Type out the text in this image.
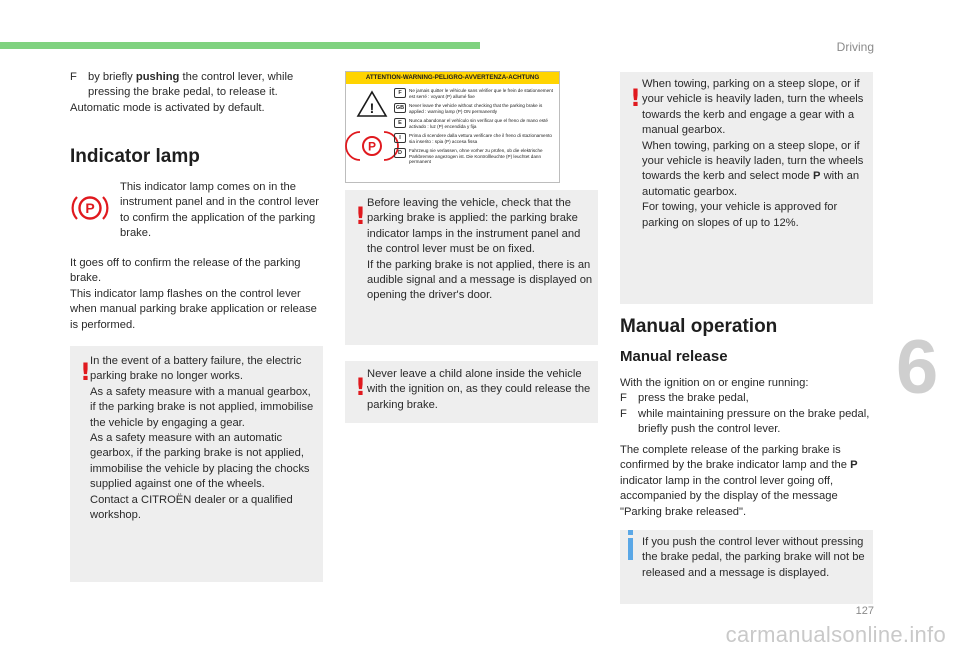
Driving
6
127
carmanualsonline.info
F by briefly pushing the control lever, while pressing the brake pedal, to release it.
Automatic mode is activated by default.
Indicator lamp
P
This indicator lamp comes on in the instrument panel and in the control lever to confirm the application of the parking brake.
It goes off to confirm the release of the parking brake.
This indicator lamp flashes on the control lever when manual parking brake application or release is performed.
! In the event of a battery failure, the electric parking brake no longer works.
As a safety measure with a manual gearbox, if the parking brake is not applied, immobilise the vehicle by engaging a gear.
As a safety measure with an automatic gearbox, if the parking brake is not applied, immobilise the vehicle by placing the chocks supplied against one of the wheels.
Contact a CITROËN dealer or a qualified workshop.
ATTENTION-WARNING-PELIGRO-AVVERTENZA-ACHTUNG
!
P
F	Ne jamais quitter le véhicule sans vérifier que le frein de stationnement est serré : voyant (P) allumé fixe
GB	Never leave the vehicle without checking that the parking brake is applied : warning lamp (P) ON permanently
E	Nunca abandonar el vehículo sin verificar que el freno de mano esté activado : luz (P) encendida y fija
I	Prima di scendere dalla vettura verificare che il freno di stazionamento sia inserito : spia (P) accesa fissa
D	Fahrzeug nie verlassen, ohne vorher zu prüfen, ob die elektrische Parkbremse angezogen ist. Die Kontrollleuchte (P) leuchtet dann permanent
! Before leaving the vehicle, check that the parking brake is applied: the parking brake indicator lamps in the instrument panel and the control lever must be on fixed.
If the parking brake is not applied, there is an audible signal and a message is displayed on opening the driver's door.
! Never leave a child alone inside the vehicle with the ignition on, as they could release the parking brake.
! When towing, parking on a steep slope, or if your vehicle is heavily laden, turn the wheels towards the kerb and engage a gear with a manual gearbox.
When towing, parking on a steep slope, or if your vehicle is heavily laden, turn the wheels towards the kerb and select mode P with an automatic gearbox.
For towing, your vehicle is approved for parking on slopes of up to 12%.
Manual operation
Manual release
With the ignition on or engine running:
F press the brake pedal,
F while maintaining pressure on the brake pedal, briefly push the control lever.
The complete release of the parking brake is confirmed by the brake indicator lamp and the P indicator lamp in the control lever going off, accompanied by the display of the message "Parking brake released".
If you push the control lever without pressing the brake pedal, the parking brake will not be released and a message is displayed.
